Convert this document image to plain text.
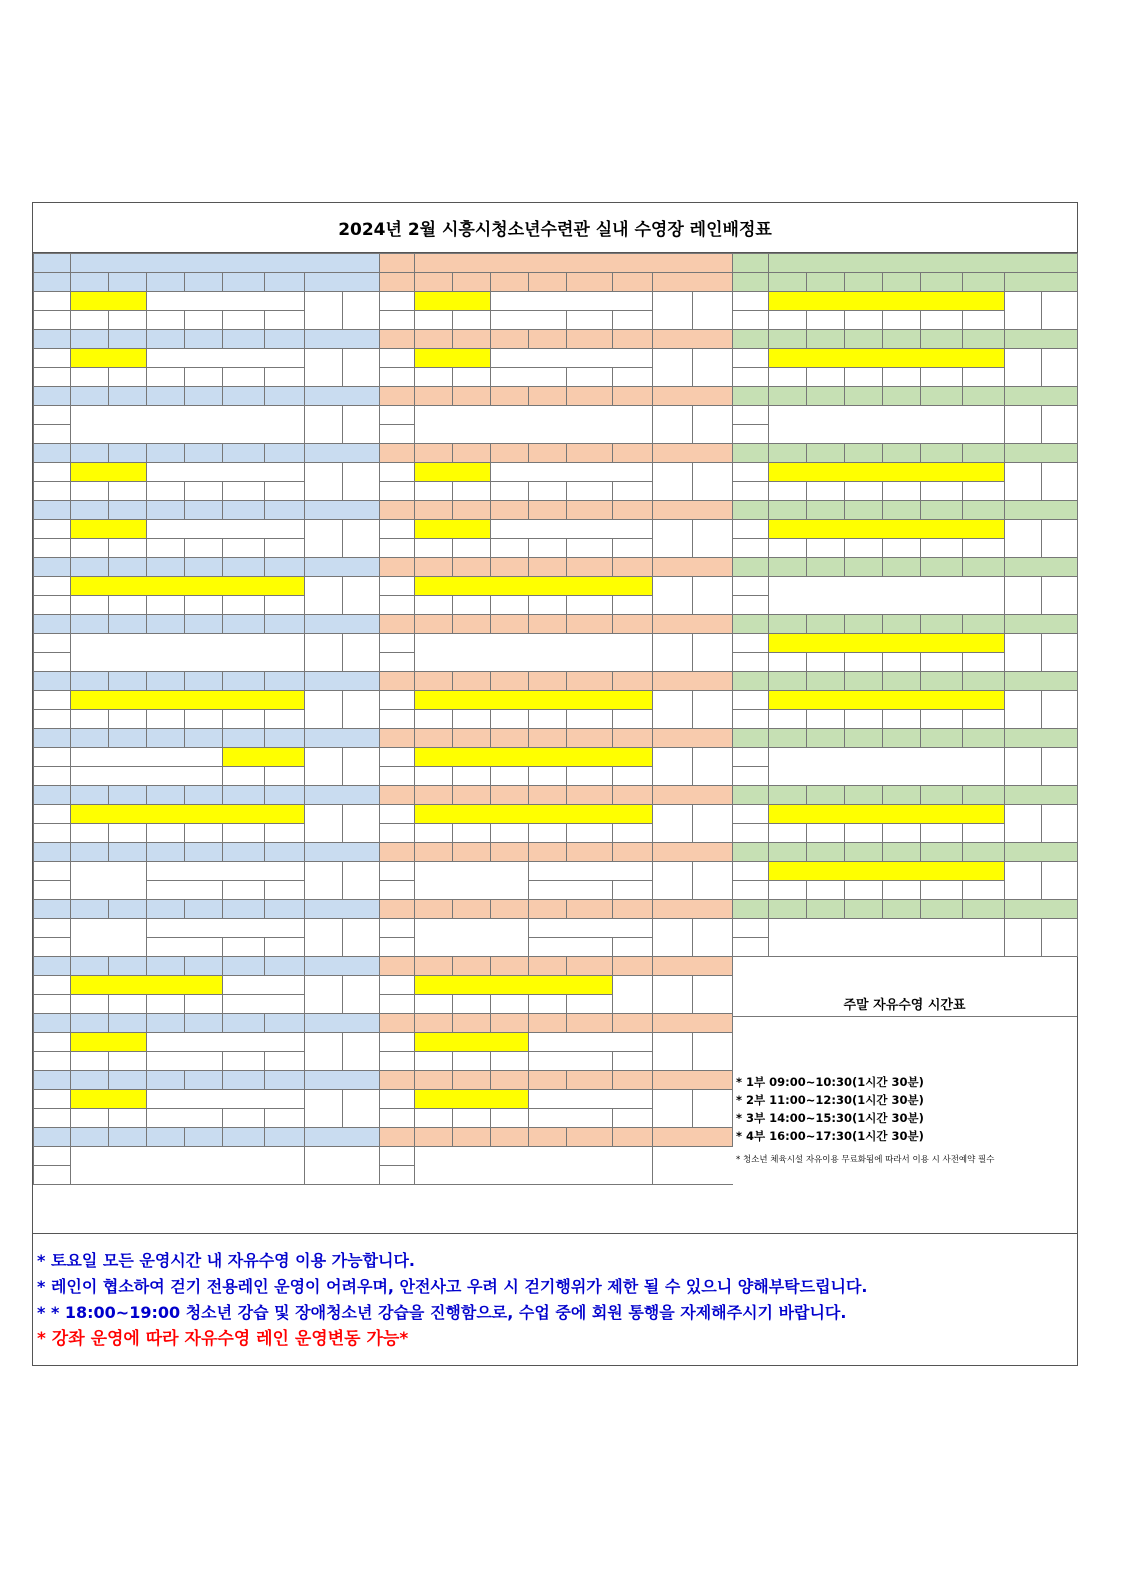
2024년 2월 시흥시청소년수련관 실내 수영장 레인배정표

주말 자유수영 시간표
* 1부 09:00~10:30(1시간 30분)
* 2부 11:00~12:30(1시간 30분)
* 3부 14:00~15:30(1시간 30분)
* 4부 16:00~17:30(1시간 30분)
* 청소년 체육시설 자유이용 무료화됨에 따라서 이용 시 사전예약 필수
* 토요일 모든 운영시간 내 자유수영 이용 가능합니다.
* 레인이 협소하여 걷기 전용레인 운영이 어려우며, 안전사고 우려 시 걷기행위가 제한 될 수 있으니 양해부탁드립니다.
* * 18:00~19:00 청소년 강습 및 장애청소년 강습을 진행함으로, 수업 중에 회원 통행을 자제해주시기 바랍니다.
* 강좌 운영에 따라 자유수영 레인 운영변동 가능*
